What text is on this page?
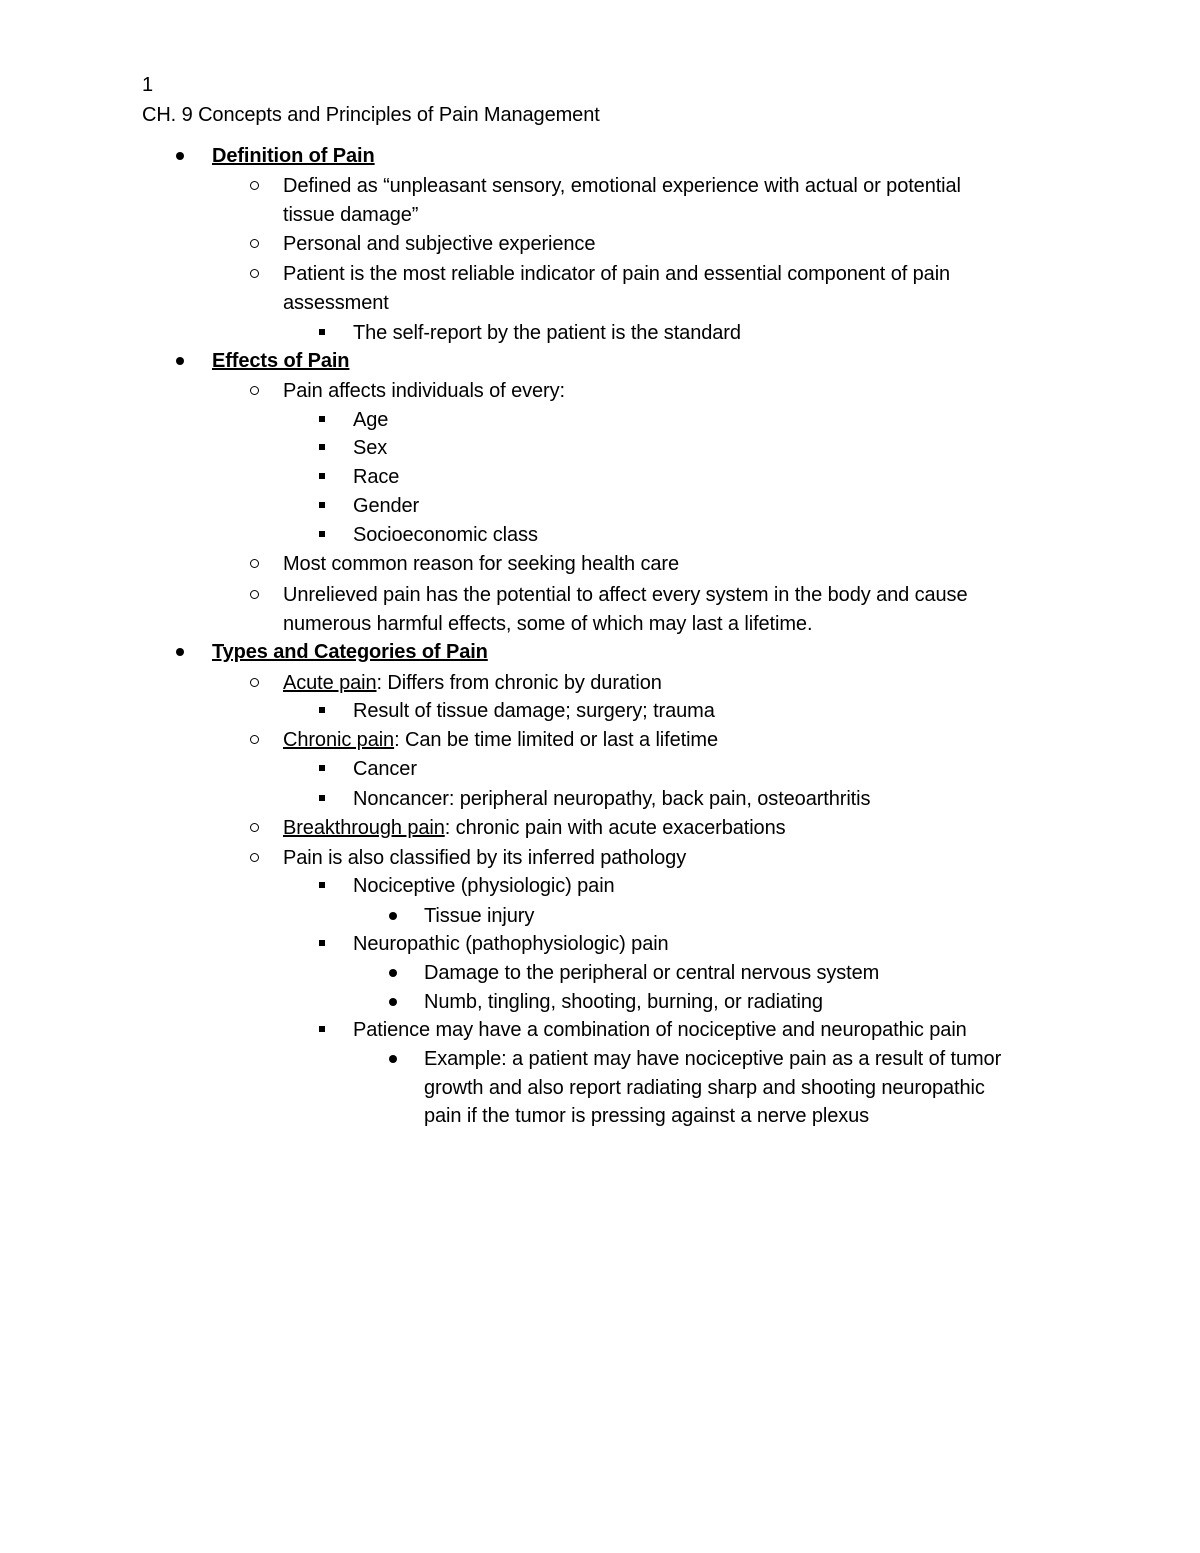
1
CH. 9 Concepts and Principles of Pain Management
Definition of Pain
Defined as “unpleasant sensory, emotional experience with actual or potential
tissue damage”
Personal and subjective experience
Patient is the most reliable indicator of pain and essential component of pain
assessment
The self-report by the patient is the standard
Effects of Pain
Pain affects individuals of every:
Age
Sex
Race
Gender
Socioeconomic class
Most common reason for seeking health care
Unrelieved pain has the potential to affect every system in the body and cause
numerous harmful effects, some of which may last a lifetime.
Types and Categories of Pain
Acute pain: Differs from chronic by duration
Result of tissue damage; surgery; trauma
Chronic pain: Can be time limited or last a lifetime
Cancer
Noncancer: peripheral neuropathy, back pain, osteoarthritis
Breakthrough pain: chronic pain with acute exacerbations
Pain is also classified by its inferred pathology
Nociceptive (physiologic) pain
Tissue injury
Neuropathic (pathophysiologic) pain
Damage to the peripheral or central nervous system
Numb, tingling, shooting, burning, or radiating
Patience may have a combination of nociceptive and neuropathic pain
Example: a patient may have nociceptive pain as a result of tumor
growth and also report radiating sharp and shooting neuropathic
pain if the tumor is pressing against a nerve plexus
